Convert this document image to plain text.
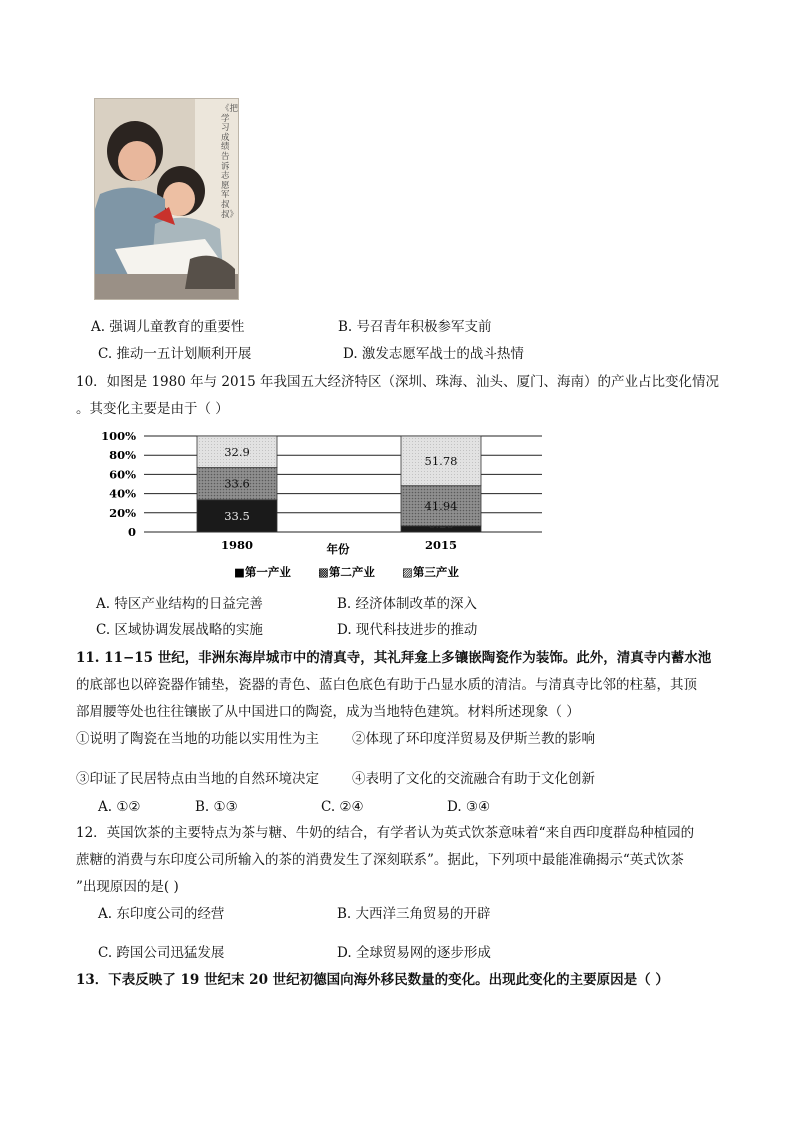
《把学习成绩告诉志愿军叔叔》
A. 强调儿童教育的重要性	B. 号召青年积极参军支前
C. 推动一五计划顺利开展	D. 激发志愿军战士的战斗热情
10．如图是 1980 年与 2015 年我国五大经济特区（深圳、珠海、汕头、厦门、海南）的产业占比变化情况
。其变化主要是由于（ ）
0
20%
40%
60%
80%
100%
33.5
33.6
32.9
41.94
51.78
1980	2015
年份
■第一产业 ▩第二产业 ▨第三产业
A. 特区产业结构的日益完善	B. 经济体制改革的深入
C. 区域协调发展战略的实施	D. 现代科技进步的推动
11. 11−15 世纪，非洲东海岸城市中的清真寺，其礼拜龛上多镶嵌陶瓷作为装饰。此外，清真寺内蓄水池
的底部也以碎瓷器作铺垫，瓷器的青色、蓝白色底色有助于凸显水质的清洁。与清真寺比邻的柱墓，其顶
部眉腰等处也往往镶嵌了从中国进口的陶瓷，成为当地特色建筑。材料所述现象（ ）
①说明了陶瓷在当地的功能以实用性为主 ②体现了环印度洋贸易及伊斯兰教的影响
③印证了民居特点由当地的自然环境决定 ④表明了文化的交流融合有助于文化创新
A. ①②	B. ①③	C. ②④	D. ③④
12．英国饮茶的主要特点为茶与糖、牛奶的结合，有学者认为英式饮茶意味着“来自西印度群岛种植园的
蔗糖的消费与东印度公司所输入的茶的消费发生了深刻联系”。据此，下列项中最能准确揭示“英式饮茶
”出现原因的是( )
A. 东印度公司的经营	B. 大西洋三角贸易的开辟
C. 跨国公司迅猛发展	D. 全球贸易网的逐步形成
13．下表反映了 19 世纪末 20 世纪初德国向海外移民数量的变化。出现此变化的主要原因是（ ）
